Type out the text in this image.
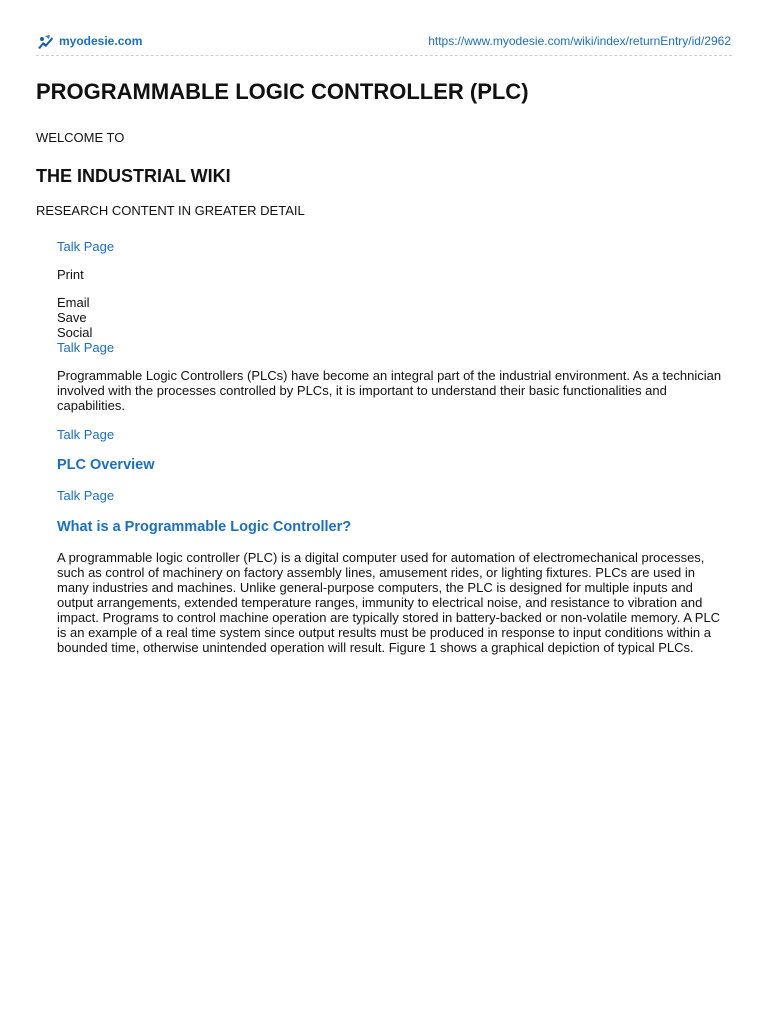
myodesie.com	https://www.myodesie.com/wiki/index/returnEntry/id/2962
PROGRAMMABLE LOGIC CONTROLLER (PLC)
WELCOME TO
THE INDUSTRIAL WIKI
RESEARCH CONTENT IN GREATER DETAIL
Talk Page
Print
Email
Save
Social
Talk Page

Programmable Logic Controllers (PLCs) have become an integral part of the industrial environment. As a technician involved with the processes controlled by PLCs, it is important to understand their basic functionalities and capabilities.

Talk Page
PLC Overview
Talk Page
What is a Programmable Logic Controller?

A programmable logic controller (PLC) is a digital computer used for automation of electromechanical processes, such as control of machinery on factory assembly lines, amusement rides, or lighting fixtures. PLCs are used in many industries and machines. Unlike general-purpose computers, the PLC is designed for multiple inputs and output arrangements, extended temperature ranges, immunity to electrical noise, and resistance to vibration and impact. Programs to control machine operation are typically stored in battery-backed or non-volatile memory. A PLC is an example of a real time system since output results must be produced in response to input conditions within a bounded time, otherwise unintended operation will result. Figure 1 shows a graphical depiction of typical PLCs.
